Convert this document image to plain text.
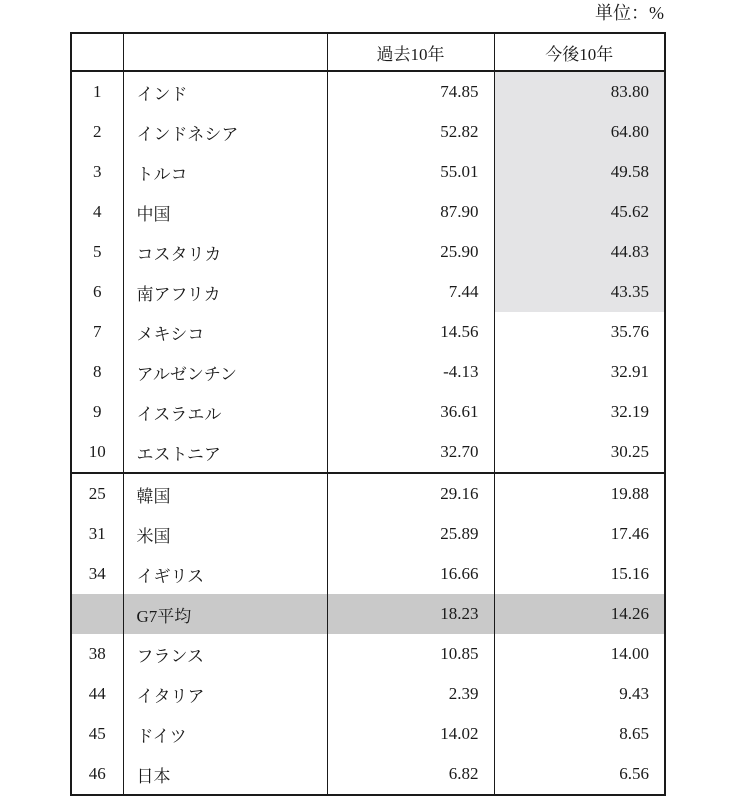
単位：%
		過去10年	今後10年
1	インド	74.85	83.80
2	インドネシア	52.82	64.80
3	トルコ	55.01	49.58
4	中国	87.90	45.62
5	コスタリカ	25.90	44.83
6	南アフリカ	7.44	43.35
7	メキシコ	14.56	35.76
8	アルゼンチン	-4.13	32.91
9	イスラエル	36.61	32.19
10	エストニア	32.70	30.25
25	韓国	29.16	19.88
31	米国	25.89	17.46
34	イギリス	16.66	15.16
	G7平均	18.23	14.26
38	フランス	10.85	14.00
44	イタリア	2.39	9.43
45	ドイツ	14.02	8.65
46	日本	6.82	6.56
